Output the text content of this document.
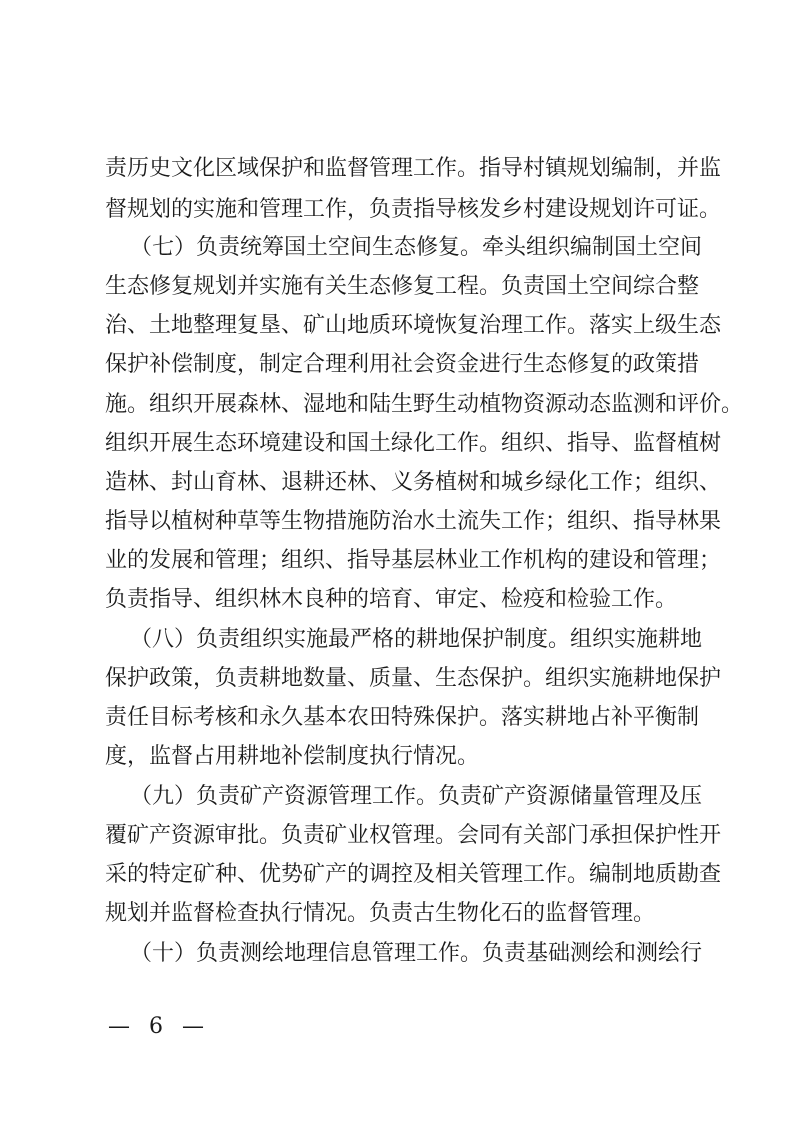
责历史文化区域保护和监督管理工作。指导村镇规划编制，并监
督规划的实施和管理工作，负责指导核发乡村建设规划许可证。
（七）负责统筹国土空间生态修复。牵头组织编制国土空间
生态修复规划并实施有关生态修复工程。负责国土空间综合整
治、土地整理复垦、矿山地质环境恢复治理工作。落实上级生态
保护补偿制度，制定合理利用社会资金进行生态修复的政策措
施。组织开展森林、湿地和陆生野生动植物资源动态监测和评价。
组织开展生态环境建设和国土绿化工作。组织、指导、监督植树
造林、封山育林、退耕还林、义务植树和城乡绿化工作；组织、
指导以植树种草等生物措施防治水土流失工作；组织、指导林果
业的发展和管理；组织、指导基层林业工作机构的建设和管理；
负责指导、组织林木良种的培育、审定、检疫和检验工作。
（八）负责组织实施最严格的耕地保护制度。组织实施耕地
保护政策，负责耕地数量、质量、生态保护。组织实施耕地保护
责任目标考核和永久基本农田特殊保护。落实耕地占补平衡制
度，监督占用耕地补偿制度执行情况。
（九）负责矿产资源管理工作。负责矿产资源储量管理及压
覆矿产资源审批。负责矿业权管理。会同有关部门承担保护性开
采的特定矿种、优势矿产的调控及相关管理工作。编制地质勘查
规划并监督检查执行情况。负责古生物化石的监督管理。
（十）负责测绘地理信息管理工作。负责基础测绘和测绘行
— 6 —
